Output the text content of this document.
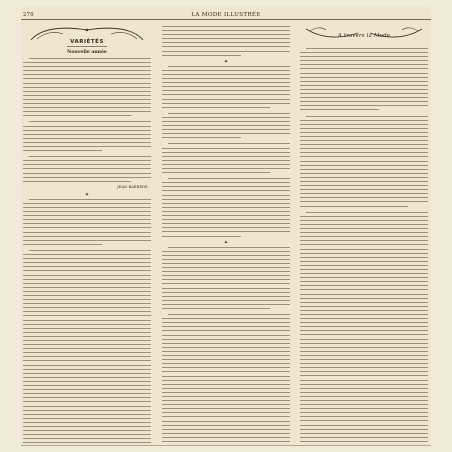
270	LA MODE ILLUSTRÉE
VARIÉTÉS
Nouvelle année
JEAN BARREDE.
✦
✦
✦
A travers la Mode
